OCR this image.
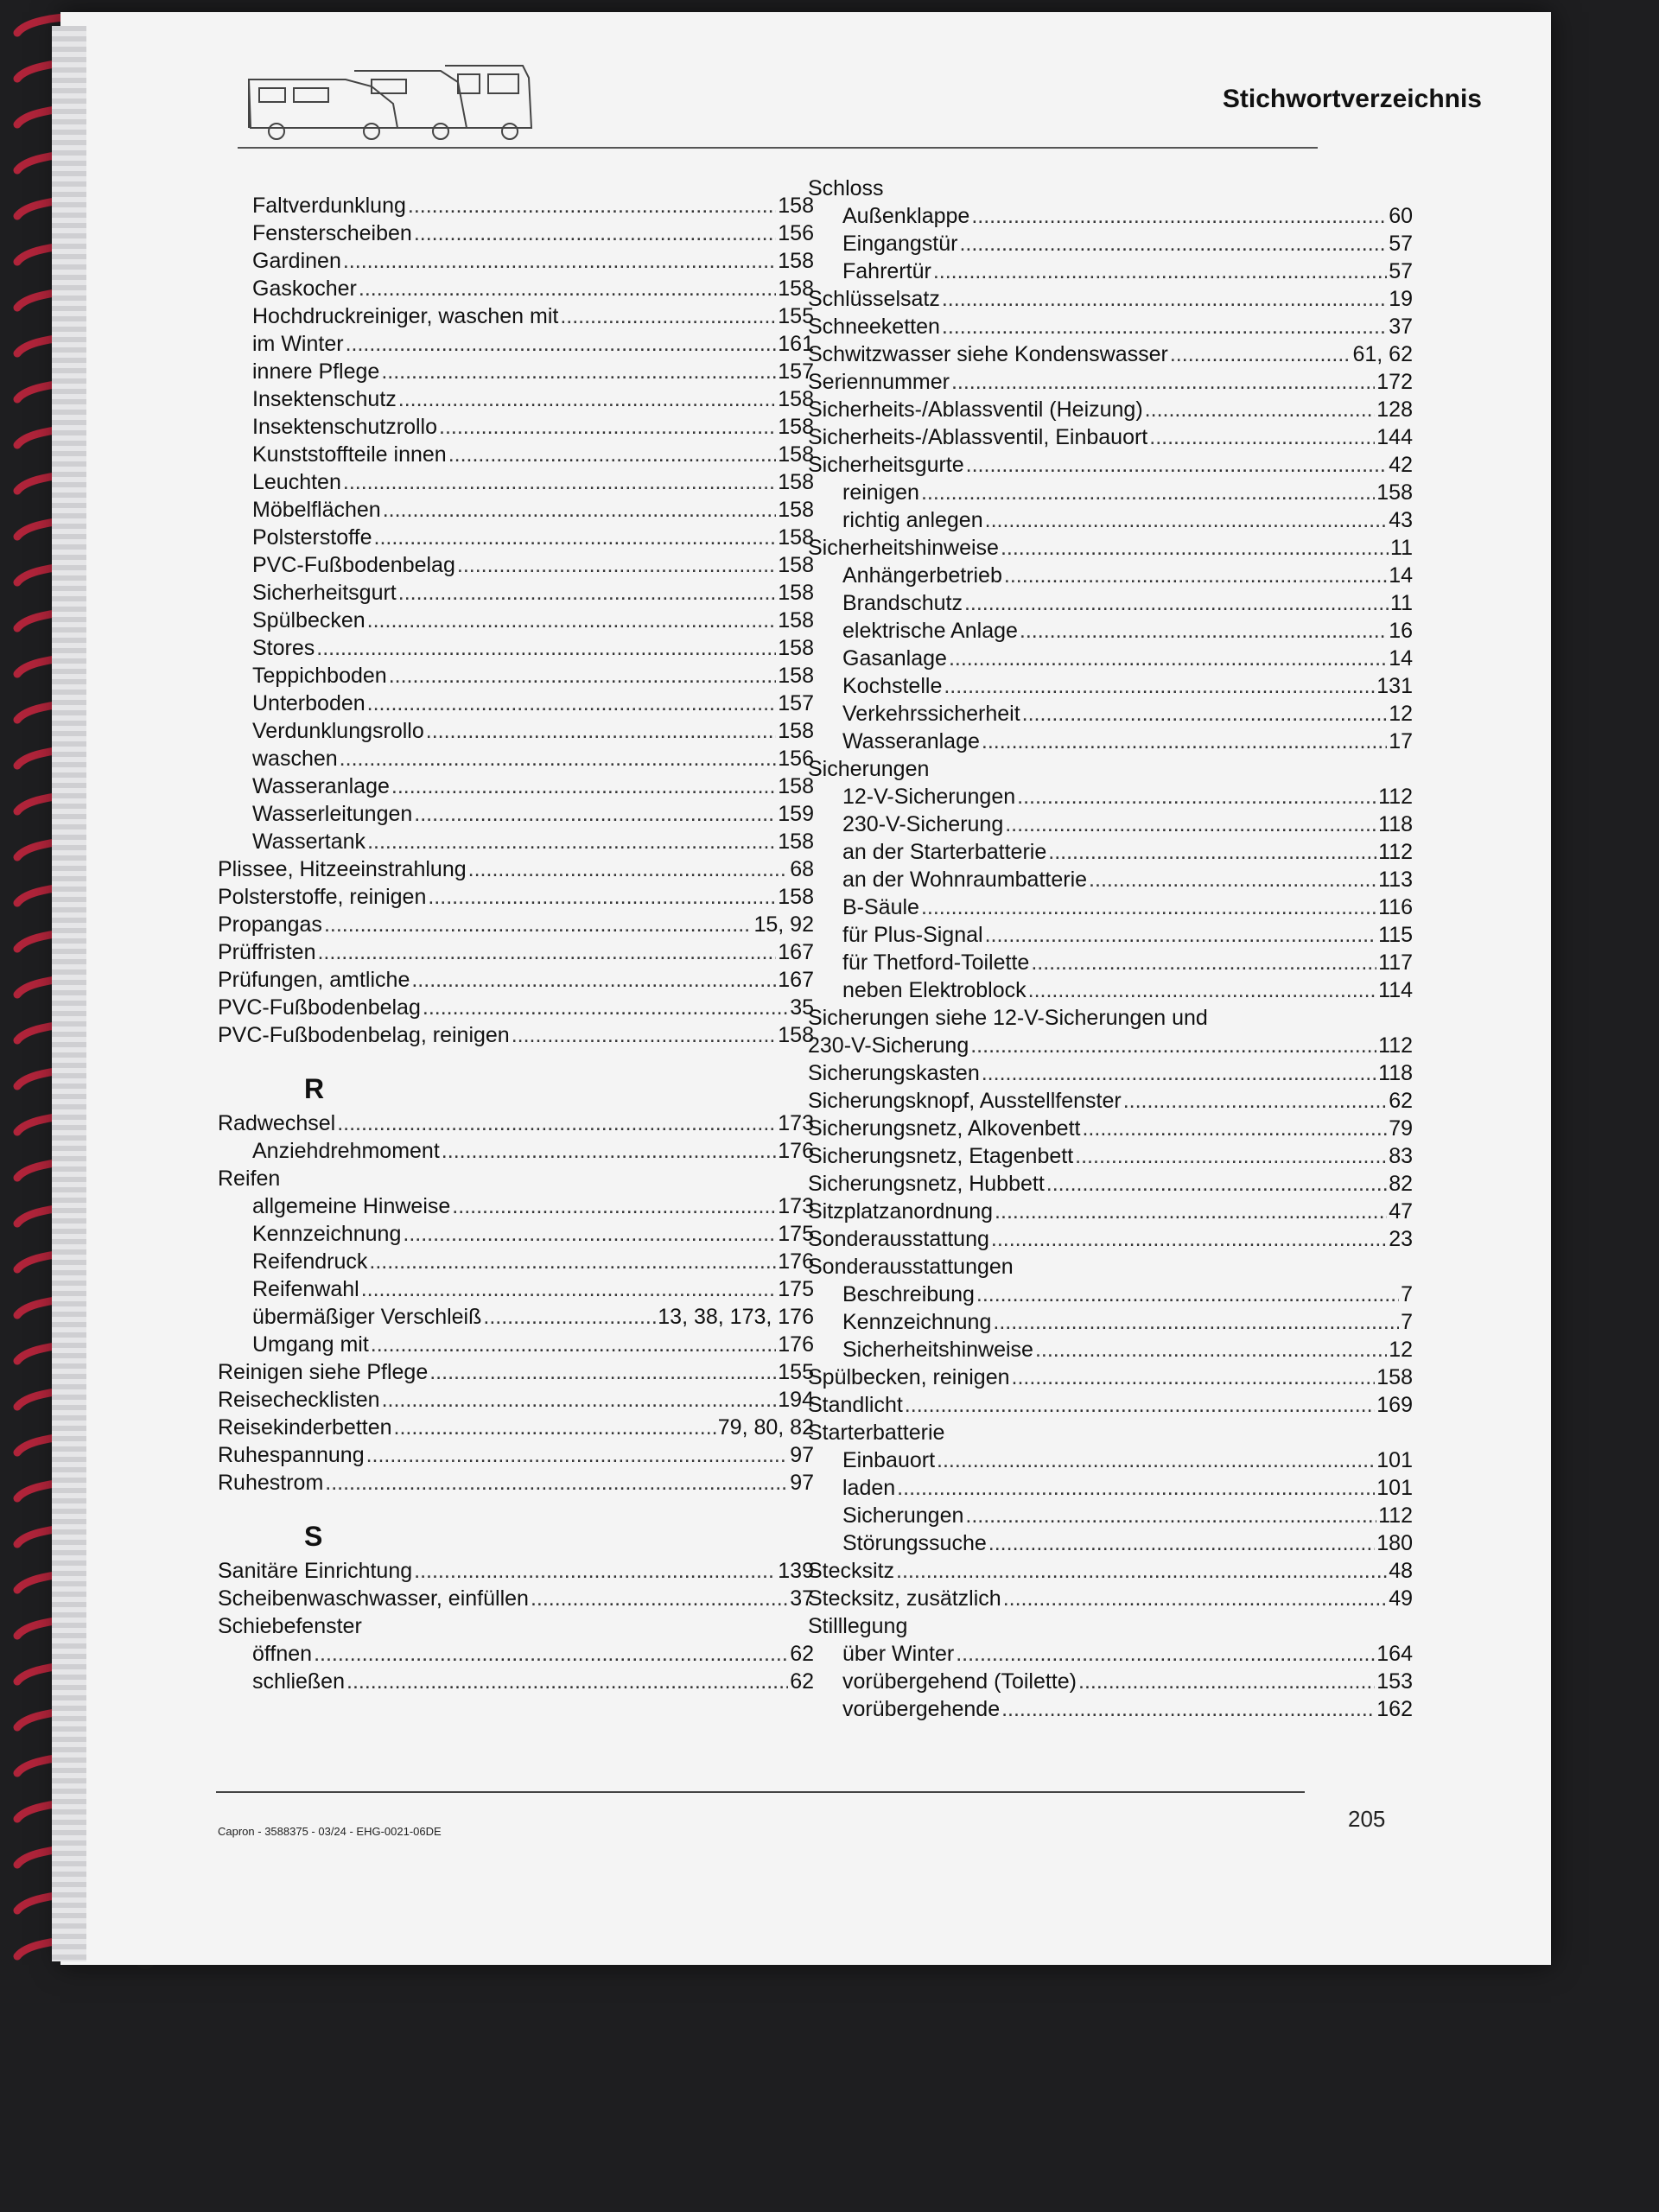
Stichwortverzeichnis
Faltverdunklung .....	158
Fensterscheiben .....	156
Gardinen .....	158
Gaskocher .....	158
Hochdruckreiniger, waschen mit .....	155
im Winter .....	161
innere Pflege .....	157
Insektenschutz .....	158
Insektenschutzrollo .....	158
Kunststoffteile innen .....	158
Leuchten .....	158
Möbelflächen .....	158
Polsterstoffe .....	158
PVC-Fußbodenbelag .....	158
Sicherheitsgurt .....	158
Spülbecken .....	158
Stores .....	158
Teppichboden .....	158
Unterboden .....	157
Verdunklungsrollo .....	158
waschen .....	156
Wasseranlage .....	158
Wasserleitungen .....	159
Wassertank .....	158
Plissee, Hitzeeinstrahlung .....	68
Polsterstoffe, reinigen .....	158
Propangas .....	15, 92
Prüffristen .....	167
Prüfungen, amtliche .....	167
PVC-Fußbodenbelag .....	35
PVC-Fußbodenbelag, reinigen .....	158
R
Radwechsel .....	173
Anziehdrehmoment .....	176
Reifen
allgemeine Hinweise .....	173
Kennzeichnung .....	175
Reifendruck .....	176
Reifenwahl .....	175
übermäßiger Verschleiß .....	13, 38, 173, 176
Umgang mit .....	176
Reinigen siehe Pflege .....	155
Reisechecklisten .....	194
Reisekinderbetten .....	79, 80, 82
Ruhespannung .....	97
Ruhestrom .....	97
S
Sanitäre Einrichtung .....	139
Scheibenwaschwasser, einfüllen .....	37
Schiebefenster
öffnen .....	62
schließen .....	62
Schloss
Außenklappe .....	60
Eingangstür .....	57
Fahrertür .....	57
Schlüsselsatz .....	19
Schneeketten .....	37
Schwitzwasser siehe Kondenswasser .....	61, 62
Seriennummer .....	172
Sicherheits-/Ablassventil (Heizung) .....	128
Sicherheits-/Ablassventil, Einbauort .....	144
Sicherheitsgurte .....	42
reinigen .....	158
richtig anlegen .....	43
Sicherheitshinweise .....	11
Anhängerbetrieb .....	14
Brandschutz .....	11
elektrische Anlage .....	16
Gasanlage .....	14
Kochstelle .....	131
Verkehrssicherheit .....	12
Wasseranlage .....	17
Sicherungen
12-V-Sicherungen .....	112
230-V-Sicherung .....	118
an der Starterbatterie .....	112
an der Wohnraumbatterie .....	113
B-Säule .....	116
für Plus-Signal .....	115
für Thetford-Toilette .....	117
neben Elektroblock .....	114
Sicherungen siehe 12-V-Sicherungen und
230-V-Sicherung .....	112
Sicherungskasten .....	118
Sicherungsknopf, Ausstellfenster .....	62
Sicherungsnetz, Alkovenbett .....	79
Sicherungsnetz, Etagenbett .....	83
Sicherungsnetz, Hubbett .....	82
Sitzplatzanordnung .....	47
Sonderausstattung .....	23
Sonderausstattungen
Beschreibung .....	7
Kennzeichnung .....	7
Sicherheitshinweise .....	12
Spülbecken, reinigen .....	158
Standlicht .....	169
Starterbatterie
Einbauort .....	101
laden .....	101
Sicherungen .....	112
Störungssuche .....	180
Stecksitz .....	48
Stecksitz, zusätzlich .....	49
Stilllegung
über Winter .....	164
vorübergehend (Toilette) .....	153
vorübergehende .....	162
Capron - 3588375 - 03/24 - EHG-0021-06DE	205
